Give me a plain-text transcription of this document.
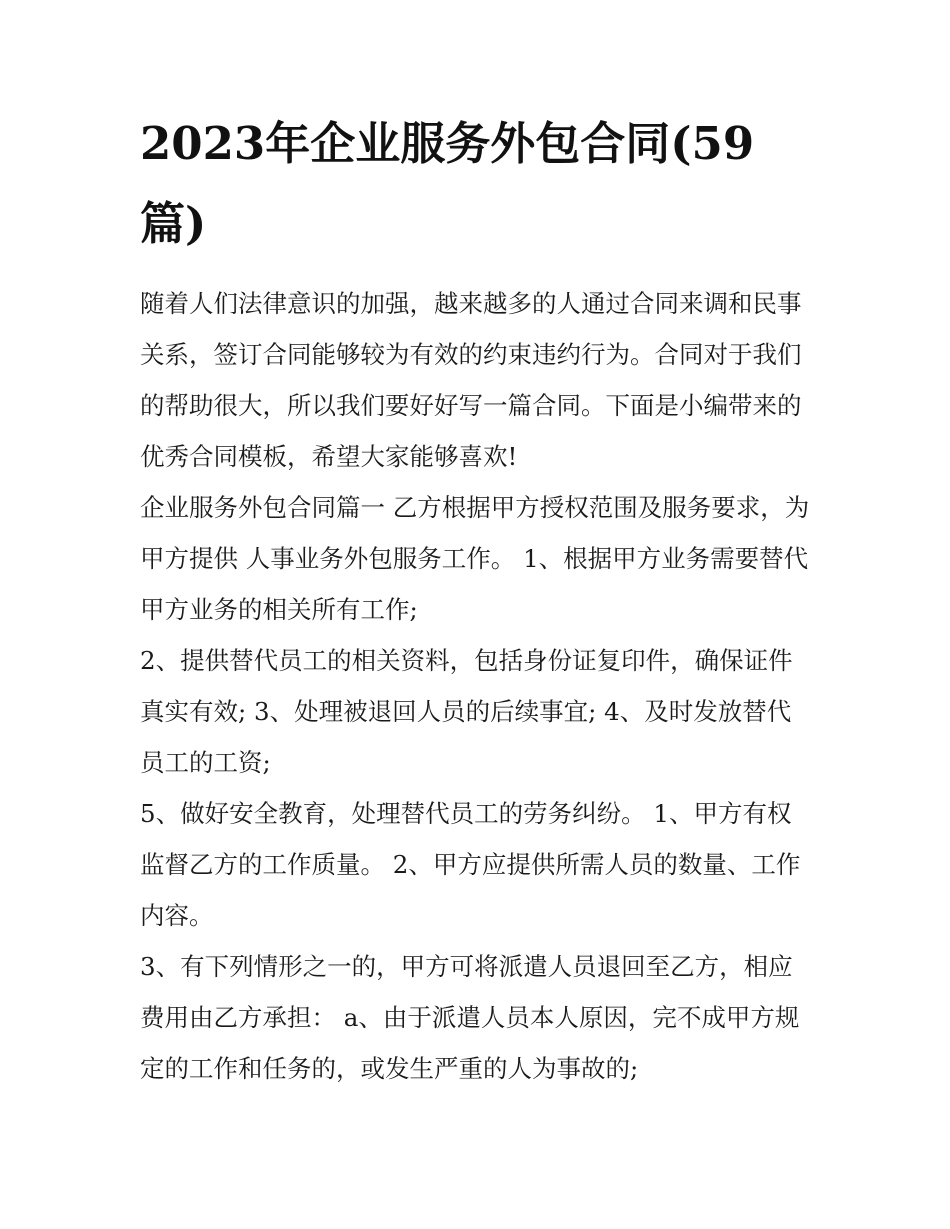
2023年企业服务外包合同(59篇)

随着人们法律意识的加强，越来越多的人通过合同来调和民事关系，签订合同能够较为有效的约束违约行为。合同对于我们的帮助很大，所以我们要好好写一篇合同。下面是小编带来的优秀合同模板，希望大家能够喜欢!

企业服务外包合同篇一 乙方根据甲方授权范围及服务要求，为甲方提供 人事业务外包服务工作。 1、根据甲方业务需要替代甲方业务的相关所有工作;

2、提供替代员工的相关资料，包括身份证复印件，确保证件真实有效; 3、处理被退回人员的后续事宜; 4、及时发放替代员工的工资;

5、做好安全教育，处理替代员工的劳务纠纷。 1、甲方有权监督乙方的工作质量。 2、甲方应提供所需人员的数量、工作内容。

3、有下列情形之一的，甲方可将派遣人员退回至乙方，相应费用由乙方承担： a、由于派遣人员本人原因，完不成甲方规定的工作和任务的，或发生严重的人为事故的;
